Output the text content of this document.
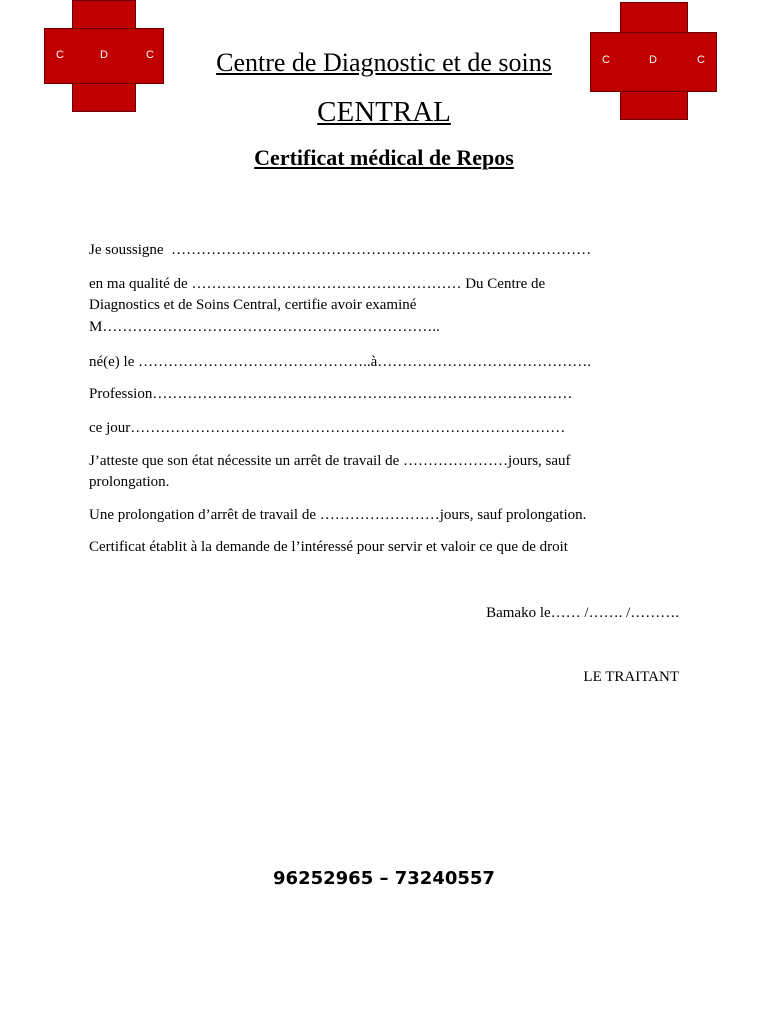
C	D	C	C	D	C
Centre de Diagnostic et de soins
CENTRAL
Certificat médical de Repos
Je soussigne  …………………………………………………………………………
en ma qualité de ……………………………………………… Du Centre de
Diagnostics et de Soins Central, certifie avoir examiné
M…………………………………………………………..
né(e) le ………………………………………..à…………………………………….
Profession…………………………………………………………………………
ce jour……………………………………………………………………………
J’atteste que son état nécessite un arrêt de travail de …………………jours, sauf
prolongation.
Une prolongation d’arrêt de travail de ……………………jours, sauf prolongation.
Certificat établit à la demande de l’intéressé pour servir et valoir ce que de droit
Bamako le…… /……. /……….
LE TRAITANT
96252965 – 73240557
